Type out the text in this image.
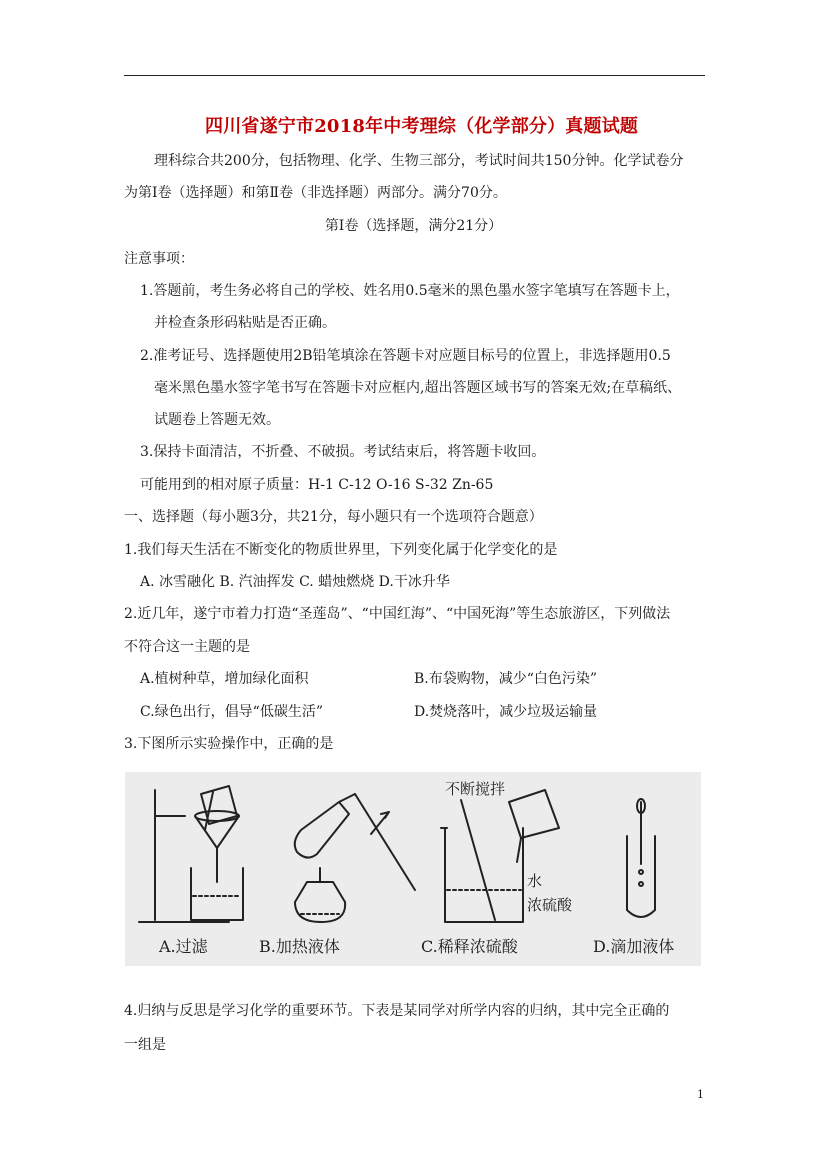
四川省遂宁市2018年中考理综（化学部分）真题试题
理科综合共200分，包括物理、化学、生物三部分，考试时间共150分钟。化学试卷分
为第Ⅰ卷（选择题）和第Ⅱ卷（非选择题）两部分。满分70分。
第Ⅰ卷（选择题，满分21分）
注意事项：
1.答题前，考生务必将自己的学校、姓名用0.5毫米的黑色墨水签字笔填写在答题卡上，
并检查条形码粘贴是否正确。
2.准考证号、选择题使用2B铅笔填涂在答题卡对应题目标号的位置上，非选择题用0.5
毫米黑色墨水签字笔书写在答题卡对应框内,超出答题区域书写的答案无效;在草稿纸、
试题卷上答题无效。
3.保持卡面清洁，不折叠、不破损。考试结束后，将答题卡收回。
可能用到的相对原子质量：H-1 C-12 O-16 S-32 Zn-65
一、选择题（每小题3分，共21分，每小题只有一个选项符合题意）
1.我们每天生活在不断变化的物质世界里，下列变化属于化学变化的是
A. 冰雪融化 B. 汽油挥发 C. 蜡烛燃烧 D.干冰升华
2.近几年，遂宁市着力打造“圣莲岛”、“中国红海”、“中国死海”等生态旅游区，下列做法
不符合这一主题的是
A.植树种草，增加绿化面积	B.布袋购物，减少“白色污染”
C.绿色出行，倡导“低碳生活”	D.焚烧落叶，减少垃圾运输量
3.下图所示实验操作中，正确的是
不断搅拌
水
浓硫酸
A.过滤	B.加热液体	C.稀释浓硫酸	D.滴加液体
4.归纳与反思是学习化学的重要环节。下表是某同学对所学内容的归纳，其中完全正确的
一组是
1
